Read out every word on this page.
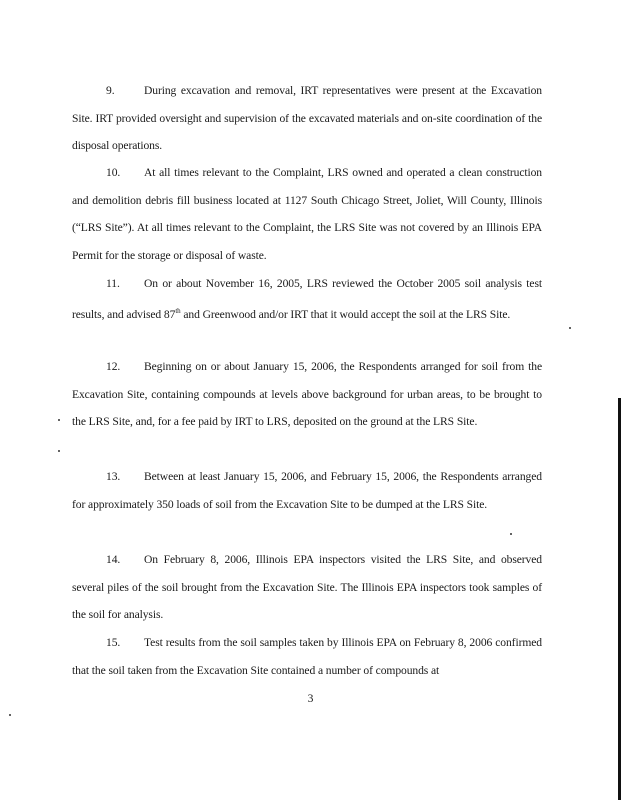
9.	During excavation and removal, IRT representatives were present at the Excavation Site. IRT provided oversight and supervision of the excavated materials and on-site coordination of the disposal operations.

10. At all times relevant to the Complaint, LRS owned and operated a clean construction and demolition debris fill business located at 1127 South Chicago Street, Joliet, Will County, Illinois (“LRS Site”). At all times relevant to the Complaint, the LRS Site was not covered by an Illinois EPA Permit for the storage or disposal of waste.

11. On or about November 16, 2005, LRS reviewed the October 2005 soil analysis test results, and advised 87th and Greenwood and/or IRT that it would accept the soil at the LRS Site.

12. Beginning on or about January 15, 2006, the Respondents arranged for soil from the Excavation Site, containing compounds at levels above background for urban areas, to be brought to the LRS Site, and, for a fee paid by IRT to LRS, deposited on the ground at the LRS Site.

13. Between at least January 15, 2006, and February 15, 2006, the Respondents arranged for approximately 350 loads of soil from the Excavation Site to be dumped at the LRS Site.

14. On February 8, 2006, Illinois EPA inspectors visited the LRS Site, and observed several piles of the soil brought from the Excavation Site. The Illinois EPA inspectors took samples of the soil for analysis.

15. Test results from the soil samples taken by Illinois EPA on February 8, 2006 confirmed that the soil taken from the Excavation Site contained a number of compounds at

3
